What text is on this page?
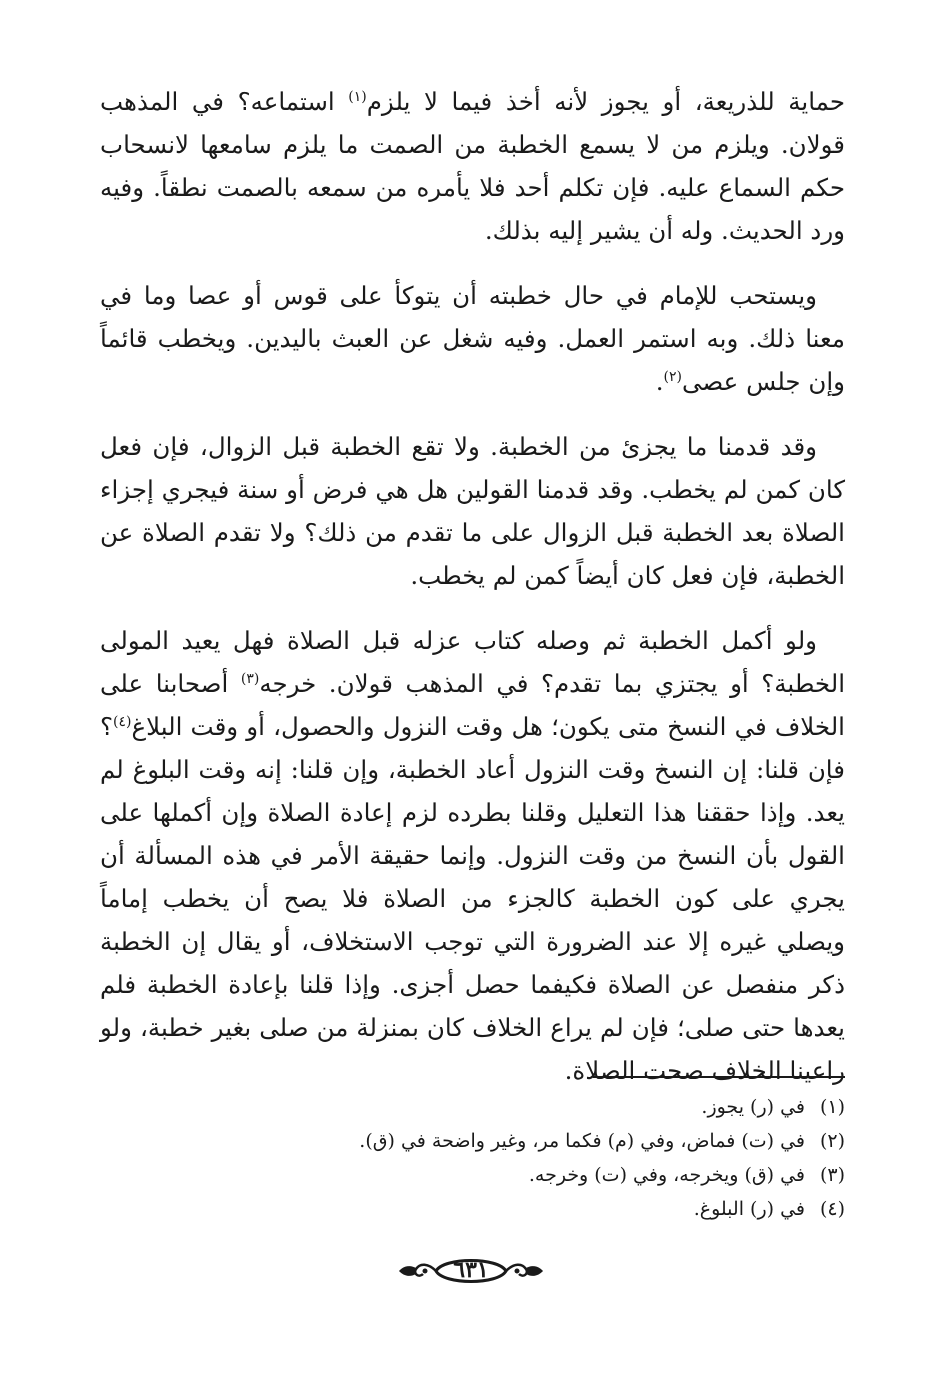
حماية للذريعة، أو يجوز لأنه أخذ فيما لا يلزم$^{(١)}$ استماعه؟ في المذهب قولان. ويلزم من لا يسمع الخطبة من الصمت ما يلزم سامعها لانسحاب حكم السماع عليه. فإن تكلم أحد فلا يأمره من سمعه بالصمت نطقاً. وفيه ورد الحديث. وله أن يشير إليه بذلك.

ويستحب للإمام في حال خطبته أن يتوكأ على قوس أو عصا وما في معنا ذلك. وبه استمر العمل. وفيه شغل عن العبث باليدين. ويخطب قائماً وإن جلس عصى$^{(٢)}$.

وقد قدمنا ما يجزئ من الخطبة. ولا تقع الخطبة قبل الزوال، فإن فعل كان كمن لم يخطب. وقد قدمنا القولين هل هي فرض أو سنة فيجري إجزاء الصلاة بعد الخطبة قبل الزوال على ما تقدم من ذلك؟ ولا تقدم الصلاة عن الخطبة، فإن فعل كان أيضاً كمن لم يخطب.

ولو أكمل الخطبة ثم وصله كتاب عزله قبل الصلاة فهل يعيد المولى الخطبة؟ أو يجتزي بما تقدم؟ في المذهب قولان. خرجه$^{(٣)}$ أصحابنا على الخلاف في النسخ متى يكون؛ هل وقت النزول والحصول، أو وقت البلاغ$^{(٤)}$؟ فإن قلنا: إن النسخ وقت النزول أعاد الخطبة، وإن قلنا: إنه وقت البلوغ لم يعد. وإذا حققنا هذا التعليل وقلنا بطرده لزم إعادة الصلاة وإن أكملها على القول بأن النسخ من وقت النزول. وإنما حقيقة الأمر في هذه المسألة أن يجري على كون الخطبة كالجزء من الصلاة فلا يصح أن يخطب إماماً ويصلي غيره إلا عند الضرورة التي توجب الاستخلاف، أو يقال إن الخطبة ذكر منفصل عن الصلاة فكيفما حصل أجزى. وإذا قلنا بإعادة الخطبة فلم يعدها حتى صلى؛ فإن لم يراع الخلاف كان بمنزلة من صلى بغير خطبة، ولو راعينا الخلاف صحت الصلاة.

(١)
في (ر) يجوز.
(٢)
في (ت) فماض، وفي (م) فكما مر، وغير واضحة في (ق).
(٣)
في (ق) ويخرجه، وفي (ت) وخرجه.
(٤)
في (ر) البلوغ.
٦٣١
